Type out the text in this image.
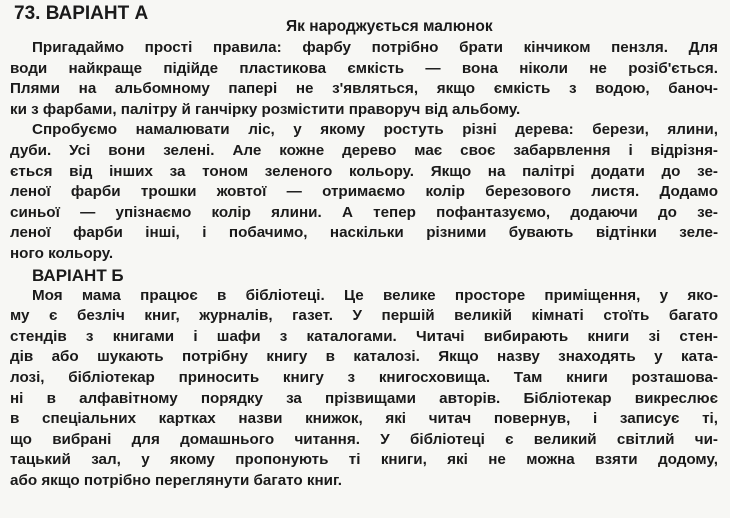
73. ВАРІАНТ А
Як народжується малюнок
Пригадаймо прості правила: фарбу потрібно брати кінчиком пензля. Для
води найкраще підійде пластикова ємкість — вона ніколи не розіб'ється.
Плями на альбомному папері не з'являться, якщо ємкість з водою, баноч-
ки з фарбами, палітру й ганчірку розмістити праворуч від альбому.
Спробуємо намалювати ліс, у якому ростуть різні дерева: берези, ялини,
дуби. Усі вони зелені. Але кожне дерево має своє забарвлення і відрізня-
ється від інших за тоном зеленого кольору. Якщо на палітрі додати до зе-
леної фарби трошки жовтої — отримаємо колір березового листя. Додамо
синьої — упізнаємо колір ялини. А тепер пофантазуємо, додаючи до зе-
леної фарби інші, і побачимо, наскільки різними бувають відтінки зеле-
ного кольору.
ВАРІАНТ Б
Моя мама працює в бібліотеці. Це велике просторе приміщення, у яко-
му є безліч книг, журналів, газет. У першій великій кімнаті стоїть багато
стендів з книгами і шафи з каталогами. Читачі вибирають книги зі стен-
дів або шукають потрібну книгу в каталозі. Якщо назву знаходять у ката-
лозі, бібліотекар приносить книгу з книгосховища. Там книги розташова-
ні в алфавітному порядку за прізвищами авторів. Бібліотекар викреслює
в спеціальних картках назви книжок, які читач повернув, і записує ті,
що вибрані для домашнього читання. У бібліотеці є великий світлий чи-
тацький зал, у якому пропонують ті книги, які не можна взяти додому,
або якщо потрібно переглянути багато книг.
